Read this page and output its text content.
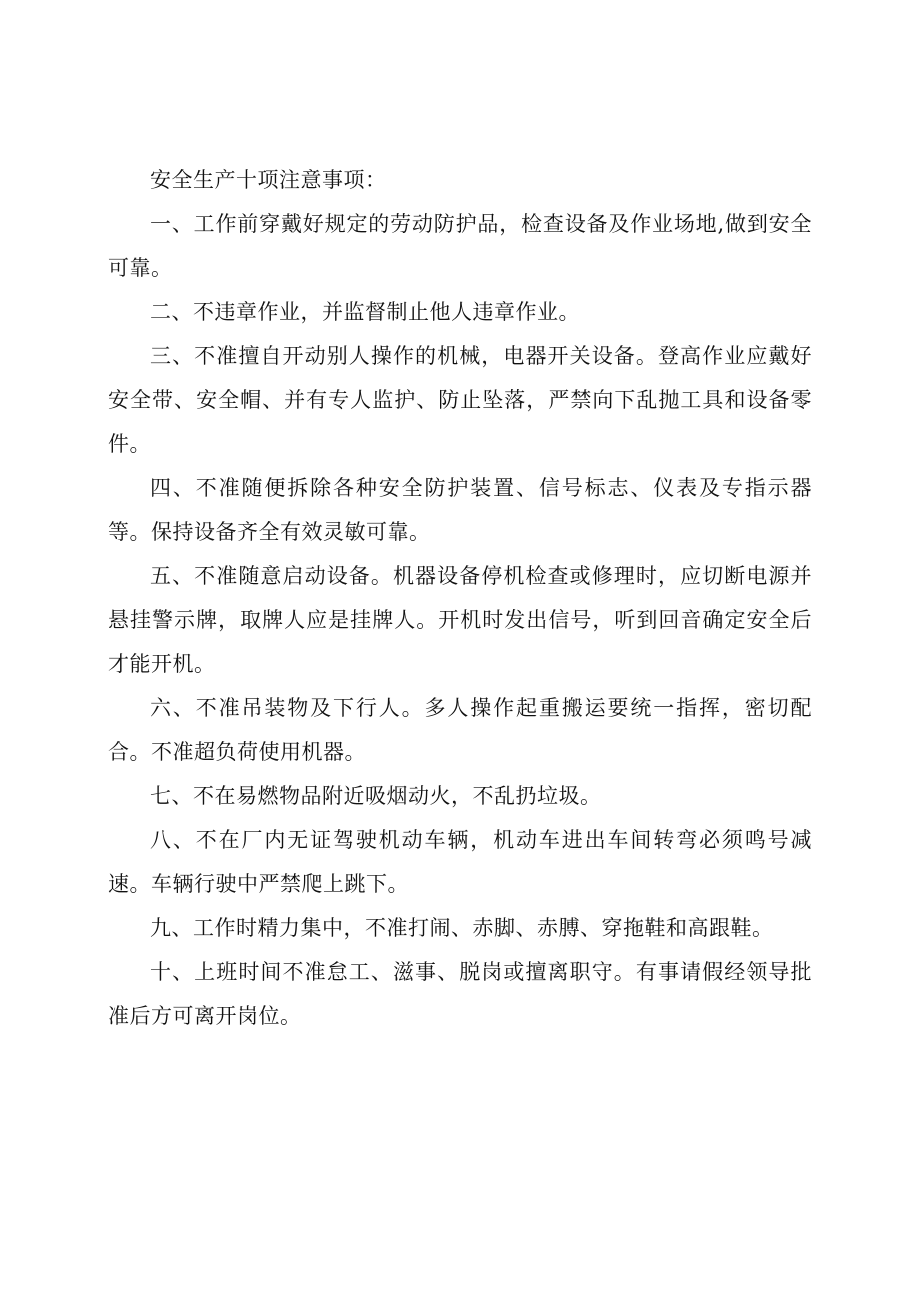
安全生产十项注意事项：

一、工作前穿戴好规定的劳动防护品，检查设备及作业场地,做到安全可靠。

二、不违章作业，并监督制止他人违章作业。

三、不准擅自开动别人操作的机械，电器开关设备。登高作业应戴好安全带、安全帽、并有专人监护、防止坠落，严禁向下乱抛工具和设备零件。

四、不准随便拆除各种安全防护装置、信号标志、仪表及专指示器等。保持设备齐全有效灵敏可靠。

五、不准随意启动设备。机器设备停机检查或修理时，应切断电源并悬挂警示牌，取牌人应是挂牌人。开机时发出信号，听到回音确定安全后才能开机。

六、不准吊装物及下行人。多人操作起重搬运要统一指挥，密切配合。不准超负荷使用机器。

七、不在易燃物品附近吸烟动火，不乱扔垃圾。

八、不在厂内无证驾驶机动车辆，机动车进出车间转弯必须鸣号减速。车辆行驶中严禁爬上跳下。

九、工作时精力集中，不准打闹、赤脚、赤膊、穿拖鞋和高跟鞋。

十、上班时间不准怠工、滋事、脱岗或擅离职守。有事请假经领导批准后方可离开岗位。
